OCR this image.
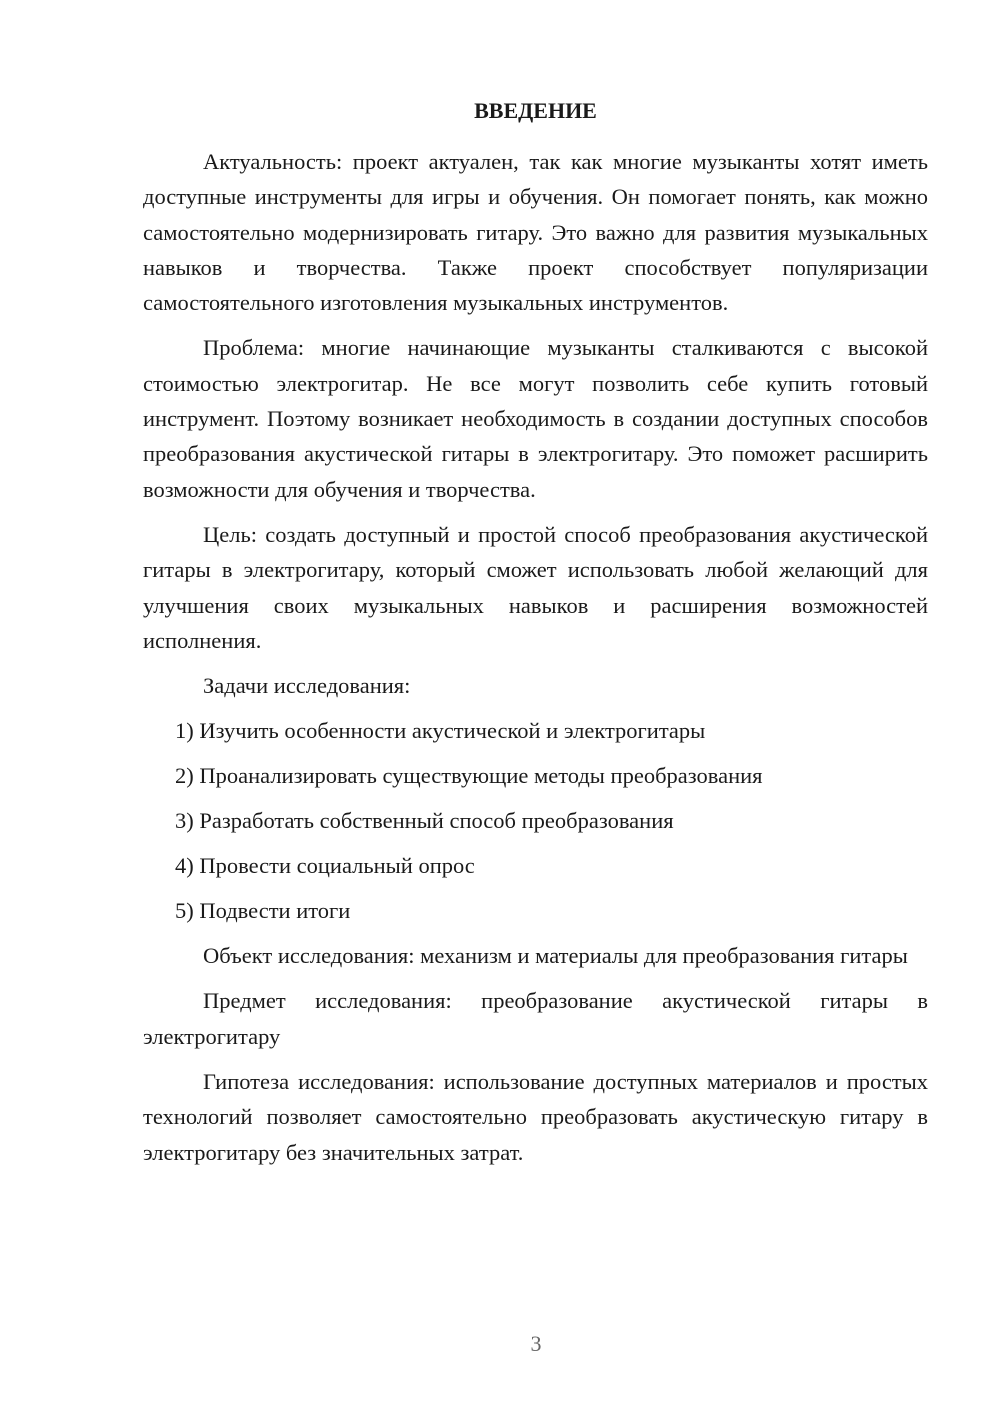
ВВЕДЕНИЕ

Актуальность: проект актуален, так как многие музыканты хотят иметь доступные инструменты для игры и обучения. Он помогает понять, как можно самостоятельно модернизировать гитару. Это важно для развития музыкальных навыков и творчества. Также проект способствует популяризации самостоятельного изготовления музыкальных инструментов.

Проблема: многие начинающие музыканты сталкиваются с высокой стоимостью электрогитар. Не все могут позволить себе купить готовый инструмент. Поэтому возникает необходимость в создании доступных способов преобразования акустической гитары в электрогитару. Это поможет расширить возможности для обучения и творчества.

Цель: создать доступный и простой способ преобразования акустической гитары в электрогитару, который сможет использовать любой желающий для улучшения своих музыкальных навыков и расширения возможностей исполнения.

Задачи исследования:
1) Изучить особенности акустической и электрогитары
2) Проанализировать существующие методы преобразования
3) Разработать собственный способ преобразования
4) Провести социальный опрос
5) Подвести итоги

Объект исследования: механизм и материалы для преобразования гитары

Предмет исследования: преобразование акустической гитары в электрогитару

Гипотеза исследования: использование доступных материалов и простых технологий позволяет самостоятельно преобразовать акустическую гитару в электрогитару без значительных затрат.

3
